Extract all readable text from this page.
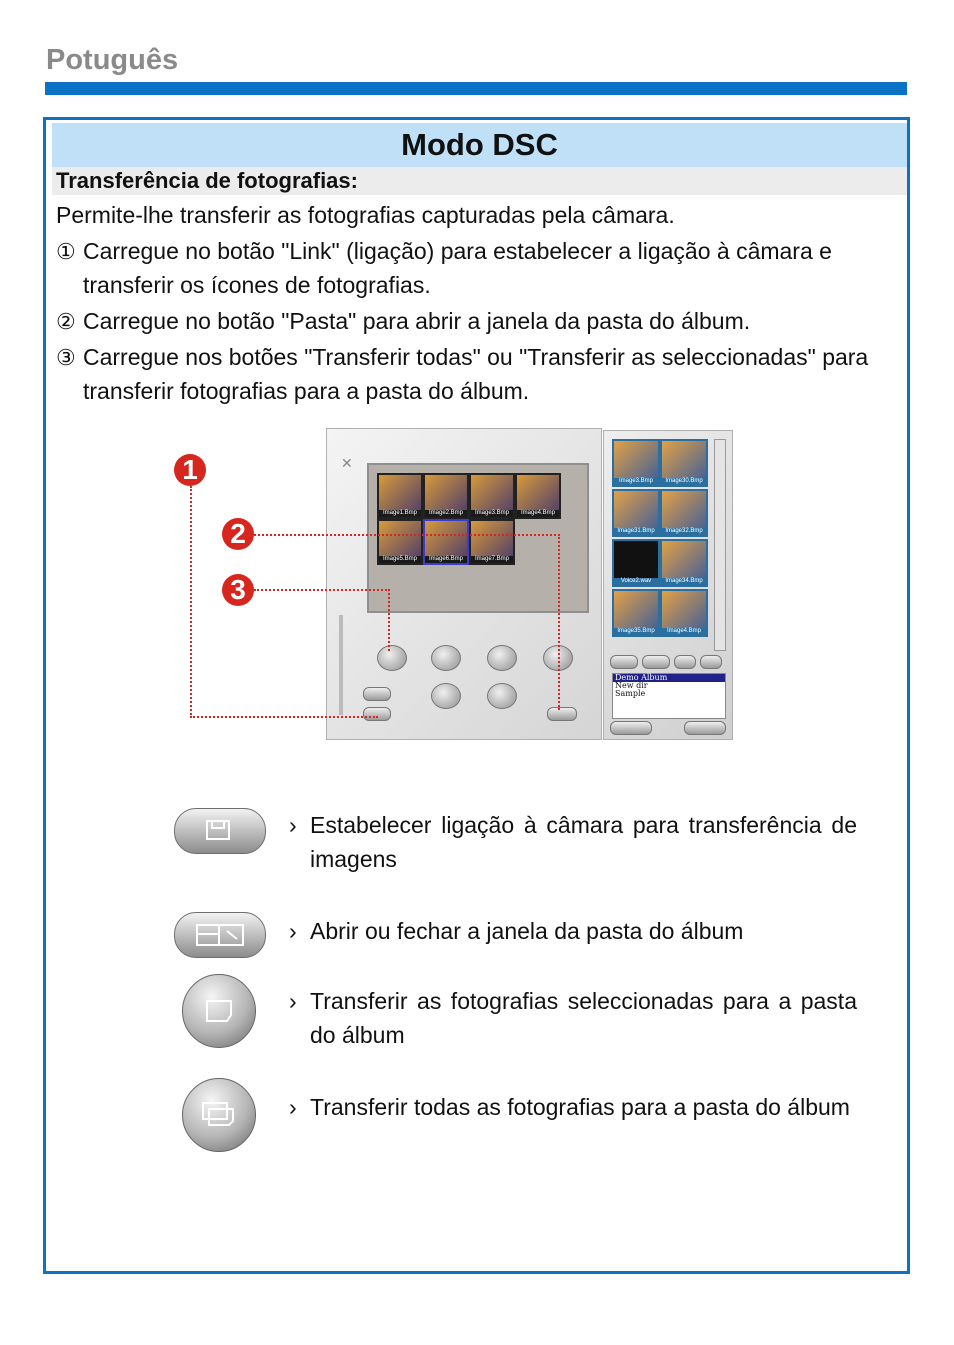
Potuguês
Modo DSC
Transferência de fotografias:
Permite-lhe transferir as fotografias capturadas pela câmara.
① Carregue no botão "Link" (ligação) para estabelecer a ligação à câmara e transferir os ícones de fotografias.
② Carregue no botão "Pasta" para abrir a janela da pasta do álbum.
③ Carregue nos botões "Transferir todas" ou "Transferir as seleccionadas" para transferir fotografias para a pasta do álbum.
✕
Image1.Bmp	Image2.Bmp	Image3.Bmp	Image4.Bmp
Image5.Bmp	Image6.Bmp	Image7.Bmp
Image3.Bmp	Image30.Bmp
Image31.Bmp	Image32.Bmp
Voice2.wav	Image34.Bmp
Image35.Bmp	Image4.Bmp
Demo Album
New dir
Sample
1
2
3
› Estabelecer ligação à câmara para transferência de imagens
› Abrir ou fechar a janela da pasta do álbum
› Transferir as fotografias seleccionadas para a pasta do álbum
› Transferir todas as fotografias para a pasta do álbum
